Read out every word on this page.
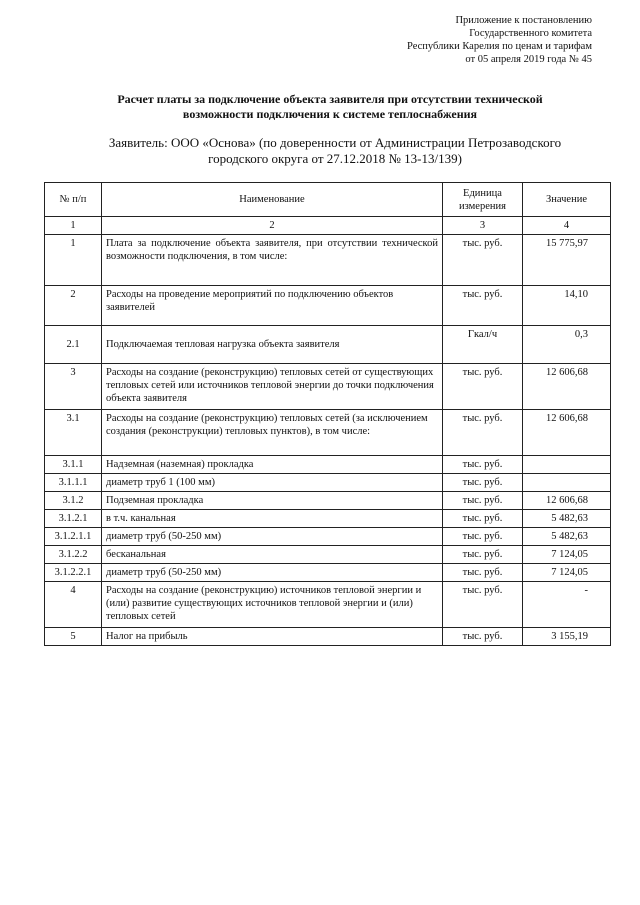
Приложение к постановлению
Государственного комитета
Республики Карелия по ценам и тарифам
от 05 апреля 2019 года № 45
Расчет платы за подключение объекта заявителя при отсутствии технической
возможности подключения к системе теплоснабжения
Заявитель: ООО «Основа» (по доверенности от Администрации Петрозаводского
городского округа от 27.12.2018 № 13-13/139)
№ п/п	Наименование	Единица измерения	Значение
1	2	3	4
1	Плата за подключение объекта заявителя, при отсутствии технической возможности подключения, в том числе:	тыс. руб.	15 775,97
2	Расходы на проведение мероприятий по подключению объектов заявителей	тыс. руб.	14,10
2.1	Подключаемая тепловая нагрузка объекта заявителя	Гкал/ч	0,3
3	Расходы на создание (реконструкцию) тепловых сетей от существующих тепловых сетей или источников тепловой энергии до точки подключения объекта заявителя	тыс. руб.	12 606,68
3.1	Расходы на создание (реконструкцию) тепловых сетей (за исключением создания (реконструкции) тепловых пунктов), в том числе:	тыс. руб.	12 606,68
3.1.1	Надземная (наземная) прокладка	тыс. руб.	
3.1.1.1	диаметр труб 1 (100 мм)	тыс. руб.	
3.1.2	Подземная прокладка	тыс. руб.	12 606,68
3.1.2.1	в т.ч. канальная	тыс. руб.	5 482,63
3.1.2.1.1	диаметр труб (50-250 мм)	тыс. руб.	5 482,63
3.1.2.2	бесканальная	тыс. руб.	7 124,05
3.1.2.2.1	диаметр труб (50-250 мм)	тыс. руб.	7 124,05
4	Расходы на создание (реконструкцию) источников тепловой энергии и (или) развитие существующих источников тепловой энергии и (или) тепловых сетей	тыс. руб.	-
5	Налог на прибыль	тыс. руб.	3 155,19
